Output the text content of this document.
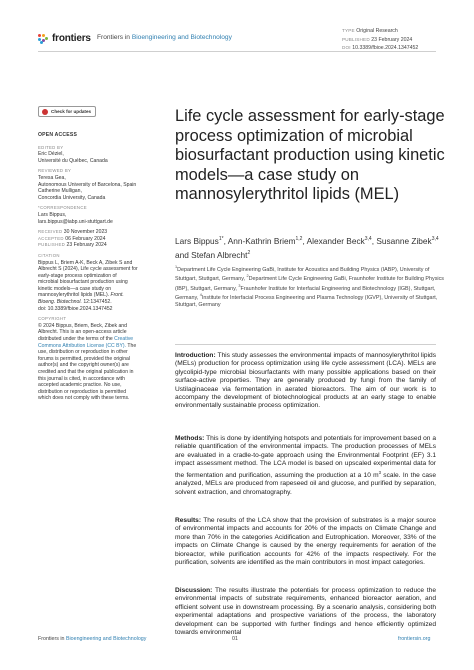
frontiers Frontiers in Bioengineering and Biotechnology
TYPE Original Research
PUBLISHED 23 February 2024
DOI 10.3389/fbioe.2024.1347452
Check for updates
OPEN ACCESS
EDITED BY
Eric Déziel,
Université du Québec, Canada
REVIEWED BY
Teresa Gea,
Autonomous University of Barcelona, Spain
Catherine Mulligan,
Concordia University, Canada
*CORRESPONDENCE
Lars Bippus,
lars.bippus@iabp.uni-stuttgart.de
RECEIVED 30 November 2023
ACCEPTED 06 February 2024
PUBLISHED 23 February 2024
CITATION
Bippus L, Briem A-K, Beck A, Zibek S and Albrecht S (2024), Life cycle assessment for early-stage process optimization of microbial biosurfactant production using kinetic models—a case study on mannosylerythritol lipids (MEL). Front. Bioeng. Biotechnol. 12:1347452.
doi: 10.3389/fbioe.2024.1347452
COPYRIGHT
© 2024 Bippus, Briem, Beck, Zibek and Albrecht. This is an open-access article distributed under the terms of the Creative Commons Attribution License (CC BY). The use, distribution or reproduction in other forums is permitted, provided the original author(s) and the copyright owner(s) are credited and that the original publication in this journal is cited, in accordance with accepted academic practice. No use, distribution or reproduction is permitted which does not comply with these terms.
Life cycle assessment for early-stage process optimization of microbial biosurfactant production using kinetic models—a case study on mannosylerythritol lipids (MEL)
Lars Bippus$^{1*}$, Ann-Kathrin Briem$^{1,2}$, Alexander Beck$^{3,4}$, Susanne Zibek$^{3,4}$ and Stefan Albrecht$^2$
$^1$Department Life Cycle Engineering GaBi, Institute for Acoustics and Building Physics (IABP), University of Stuttgart, Stuttgart, Germany, $^2$Department Life Cycle Engineering GaBi, Fraunhofer Institute for Building Physics (IBP), Stuttgart, Germany, $^3$Fraunhofer Institute for Interfacial Engineering and Biotechnology (IGB), Stuttgart, Germany, $^4$Institute for Interfacial Process Engineering and Plasma Technology (IGVP), University of Stuttgart, Stuttgart, Germany
Introduction: This study assesses the environmental impacts of mannosylerythritol lipids (MELs) production for process optimization using life cycle assessment (LCA). MELs are glycolipid-type microbial biosurfactants with many possible applications based on their surface-active properties. They are generally produced by fungi from the family of Ustilaginaceae via fermentation in aerated bioreactors. The aim of our work is to accompany the development of biotechnological products at an early stage to enable environmentally sustainable process optimization.
Methods: This is done by identifying hotspots and potentials for improvement based on a reliable quantification of the environmental impacts. The production processes of MELs are evaluated in a cradle-to-gate approach using the Environmental Footprint (EF) 3.1 impact assessment method. The LCA model is based on upscaled experimental data for the fermentation and purification, assuming the production at a 10 $m^3$ scale. In the case analyzed, MELs are produced from rapeseed oil and glucose, and purified by separation, solvent extraction, and chromatography.
Results: The results of the LCA show that the provision of substrates is a major source of environmental impacts and accounts for 20% of the impacts on Climate Change and more than 70% in the categories Acidification and Eutrophication. Moreover, 33% of the impacts on Climate Change is caused by the energy requirements for aeration of the bioreactor, while purification accounts for 42% of the impacts respectively. For the purification, solvents are identified as the main contributors in most impact categories.
Discussion: The results illustrate the potentials for process optimization to reduce the environmental impacts of substrate requirements, enhanced bioreactor aeration, and efficient solvent use in downstream processing. By a scenario analysis, considering both experimental adaptations and prospective variations of the process, the laboratory development can be supported with further findings and hence efficiently optimized towards environmental
Frontiers in Bioengineering and Biotechnology	01	frontiersin.org
